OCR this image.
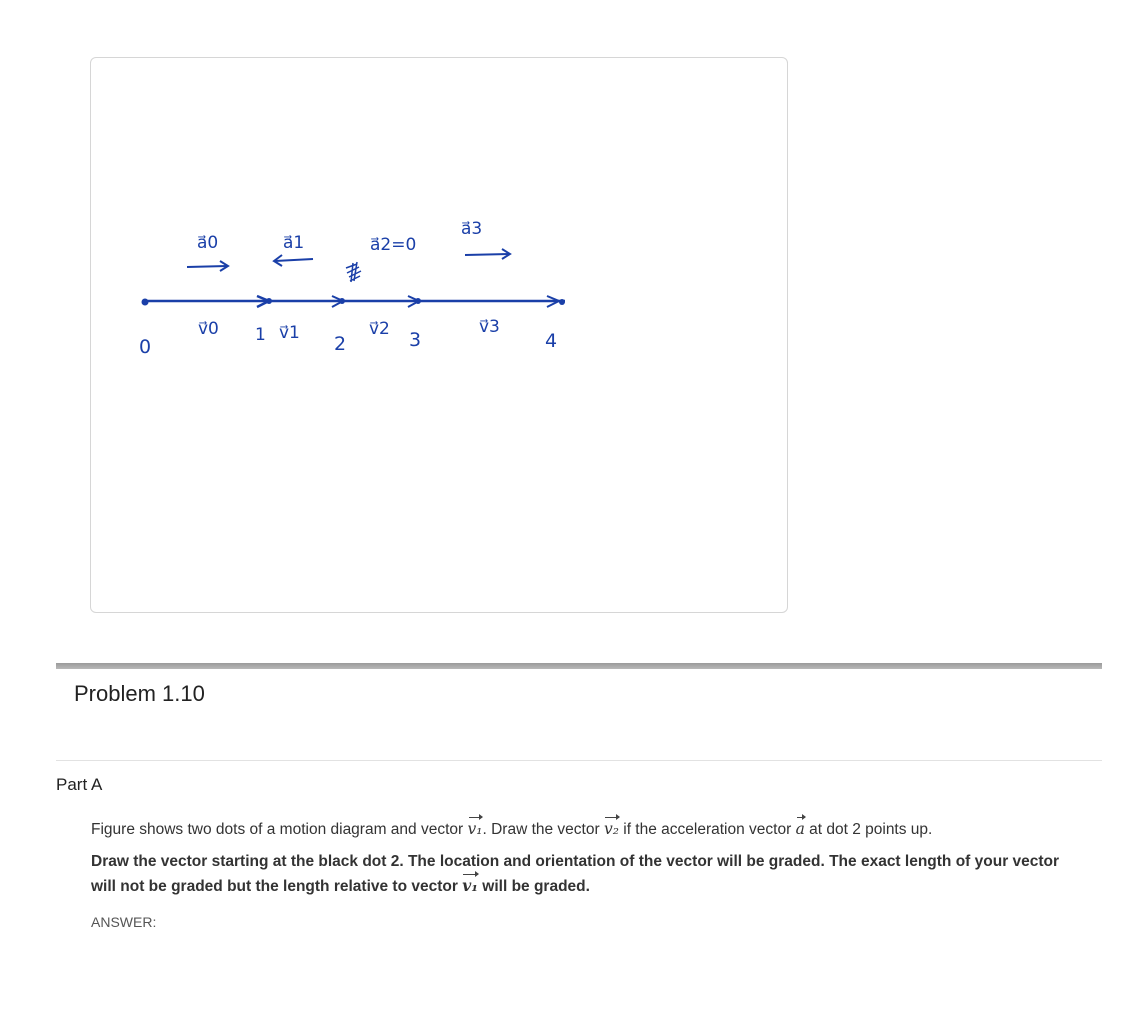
a⃗0	a⃗1	a⃗2=0
a⃗3
v⃗0	v⃗1	v⃗2	v⃗3
0
1	2	3	4
Problem 1.10
Part A
Figure shows two dots of a motion diagram and vector v₁. Draw the vector v₂ if the acceleration vector a at dot 2 points up.
Draw the vector starting at the black dot 2. The location and orientation of the vector will be graded. The exact length of your vector will not be graded but the length relative to vector v₁ will be graded.
ANSWER:
